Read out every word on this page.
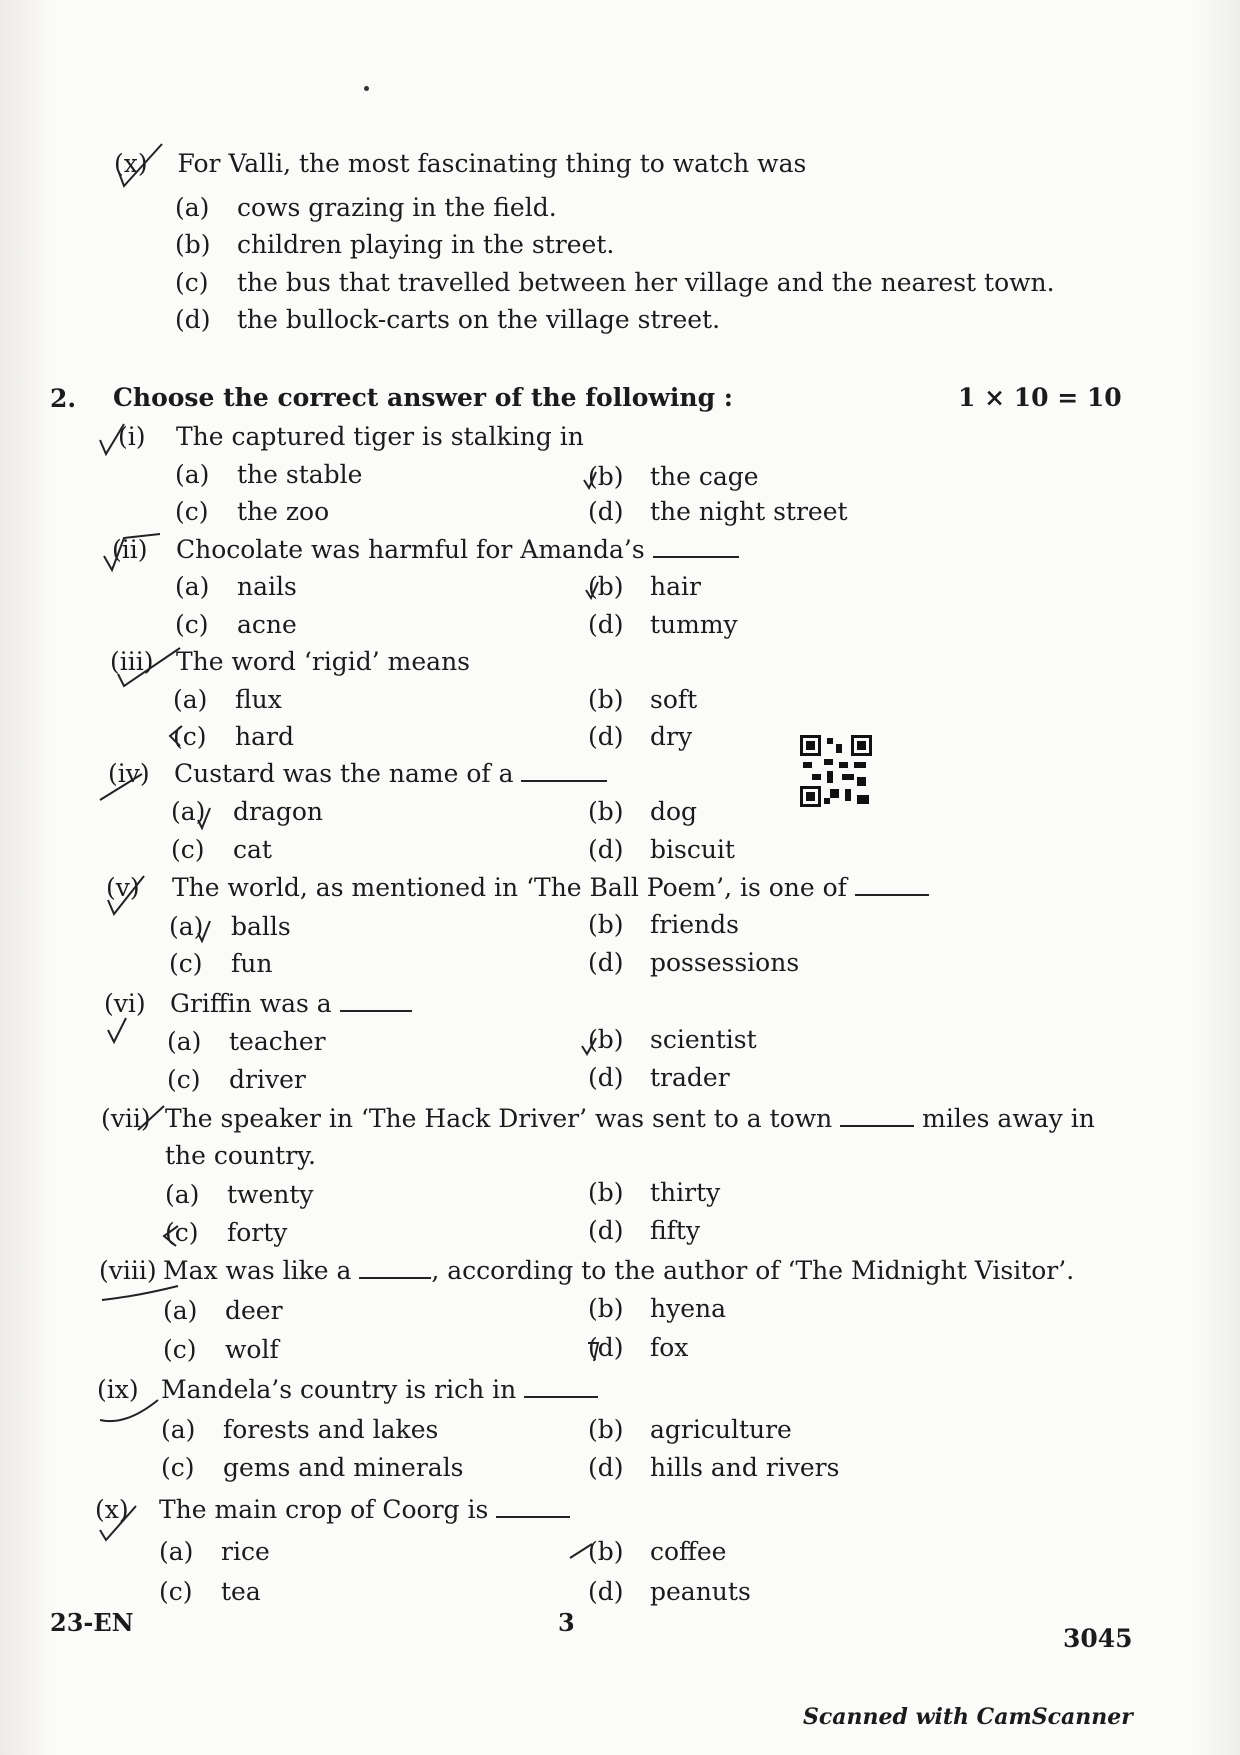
(x) For Valli, the most fascinating thing to watch was
(a) cows grazing in the field.
(b) children playing in the street.
(c) the bus that travelled between her village and the nearest town.
(d) the bullock-carts on the village street.
2. Choose the correct answer of the following :	1 × 10 = 10
(i) The captured tiger is stalking in
(a) the stable	(b) the cage
(c) the zoo	(d) the night street
(ii) Chocolate was harmful for Amanda’s
(a) nails	(b) hair
(c) acne	(d) tummy
(iii) The word ‘rigid’ means
(a) flux	(b) soft
(c) hard	(d) dry
(iv) Custard was the name of a
(a) dragon	(b) dog
(c) cat	(d) biscuit
(v) The world, as mentioned in ‘The Ball Poem’, is one of
(a) balls	(b) friends
(c) fun	(d) possessions
(vi) Griffin was a
(a) teacher	(b) scientist
(c) driver	(d) trader
(vii) The speaker in ‘The Hack Driver’ was sent to a town	miles away in
the country.
(a) twenty	(b) thirty
(c) forty	(d) fifty
(viii) Max was like a	, according to the author of ‘The Midnight Visitor’.
(a) deer	(b) hyena
(c) wolf	(d) fox
(ix) Mandela’s country is rich in
(a) forests and lakes	(b) agriculture
(c) gems and minerals	(d) hills and rivers
(x) The main crop of Coorg is
(a) rice	(b) coffee
(c) tea	(d) peanuts
23-EN	3
3045
Scanned with CamScanner
